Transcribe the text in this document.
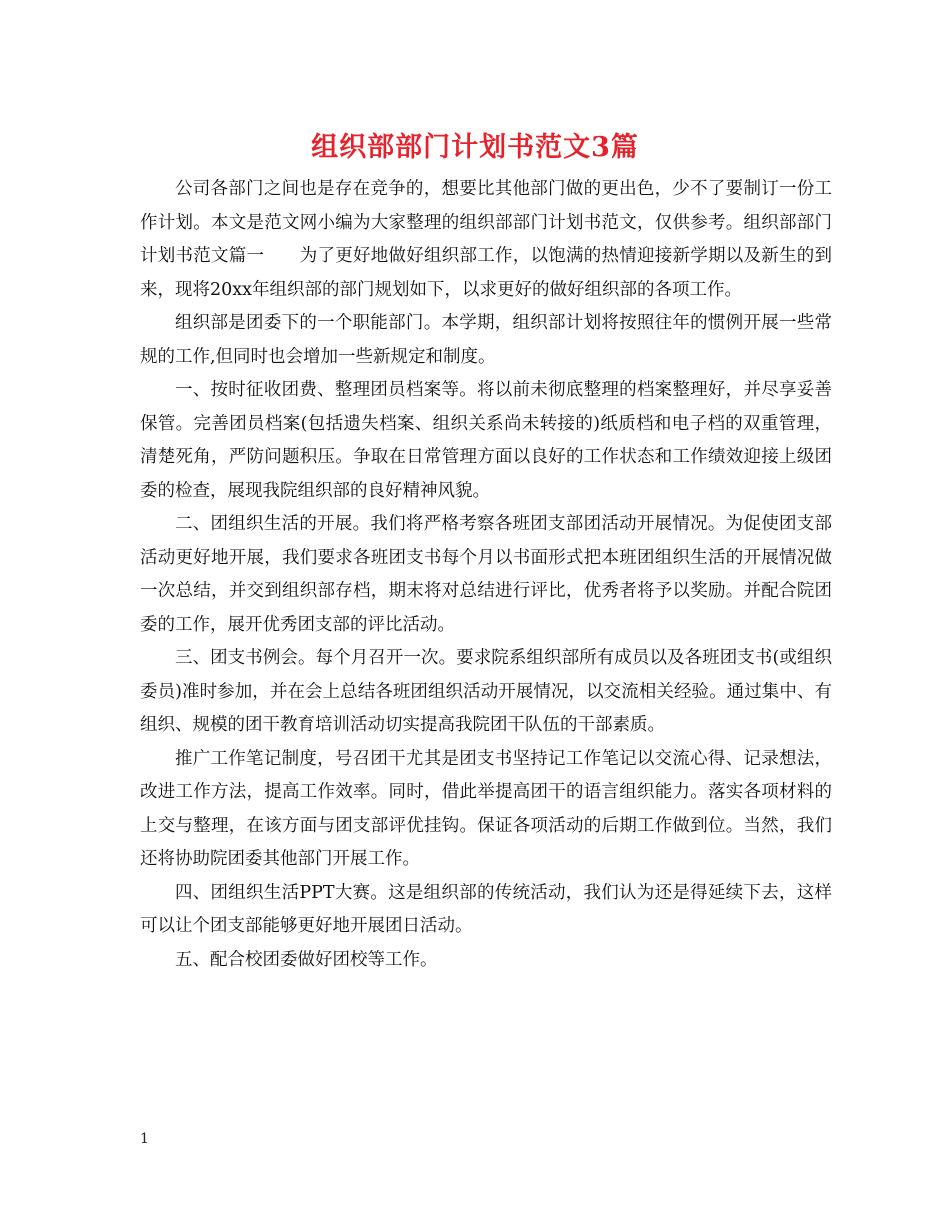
组织部部门计划书范文3篇

公司各部门之间也是存在竞争的，想要比其他部门做的更出色，少不了要制订一份工作计划。本文是范文网小编为大家整理的组织部部门计划书范文，仅供参考。组织部部门计划书范文篇一　　为了更好地做好组织部工作，以饱满的热情迎接新学期以及新生的到来，现将20xx年组织部的部门规划如下，以求更好的做好组织部的各项工作。

组织部是团委下的一个职能部门。本学期，组织部计划将按照往年的惯例开展一些常规的工作,但同时也会增加一些新规定和制度。

一、按时征收团费、整理团员档案等。将以前未彻底整理的档案整理好，并尽享妥善保管。完善团员档案(包括遗失档案、组织关系尚未转接的)纸质档和电子档的双重管理，清楚死角，严防问题积压。争取在日常管理方面以良好的工作状态和工作绩效迎接上级团委的检查，展现我院组织部的良好精神风貌。

二、团组织生活的开展。我们将严格考察各班团支部团活动开展情况。为促使团支部活动更好地开展，我们要求各班团支书每个月以书面形式把本班团组织生活的开展情况做一次总结，并交到组织部存档，期末将对总结进行评比，优秀者将予以奖励。并配合院团委的工作，展开优秀团支部的评比活动。

三、团支书例会。每个月召开一次。要求院系组织部所有成员以及各班团支书(或组织委员)准时参加，并在会上总结各班团组织活动开展情况，以交流相关经验。通过集中、有组织、规模的团干教育培训活动切实提高我院团干队伍的干部素质。

推广工作笔记制度，号召团干尤其是团支书坚持记工作笔记以交流心得、记录想法，改进工作方法，提高工作效率。同时，借此举提高团干的语言组织能力。落实各项材料的上交与整理，在该方面与团支部评优挂钩。保证各项活动的后期工作做到位。当然，我们还将协助院团委其他部门开展工作。

四、团组织生活PPT大赛。这是组织部的传统活动，我们认为还是得延续下去，这样可以让个团支部能够更好地开展团日活动。

五、配合校团委做好团校等工作。

1
